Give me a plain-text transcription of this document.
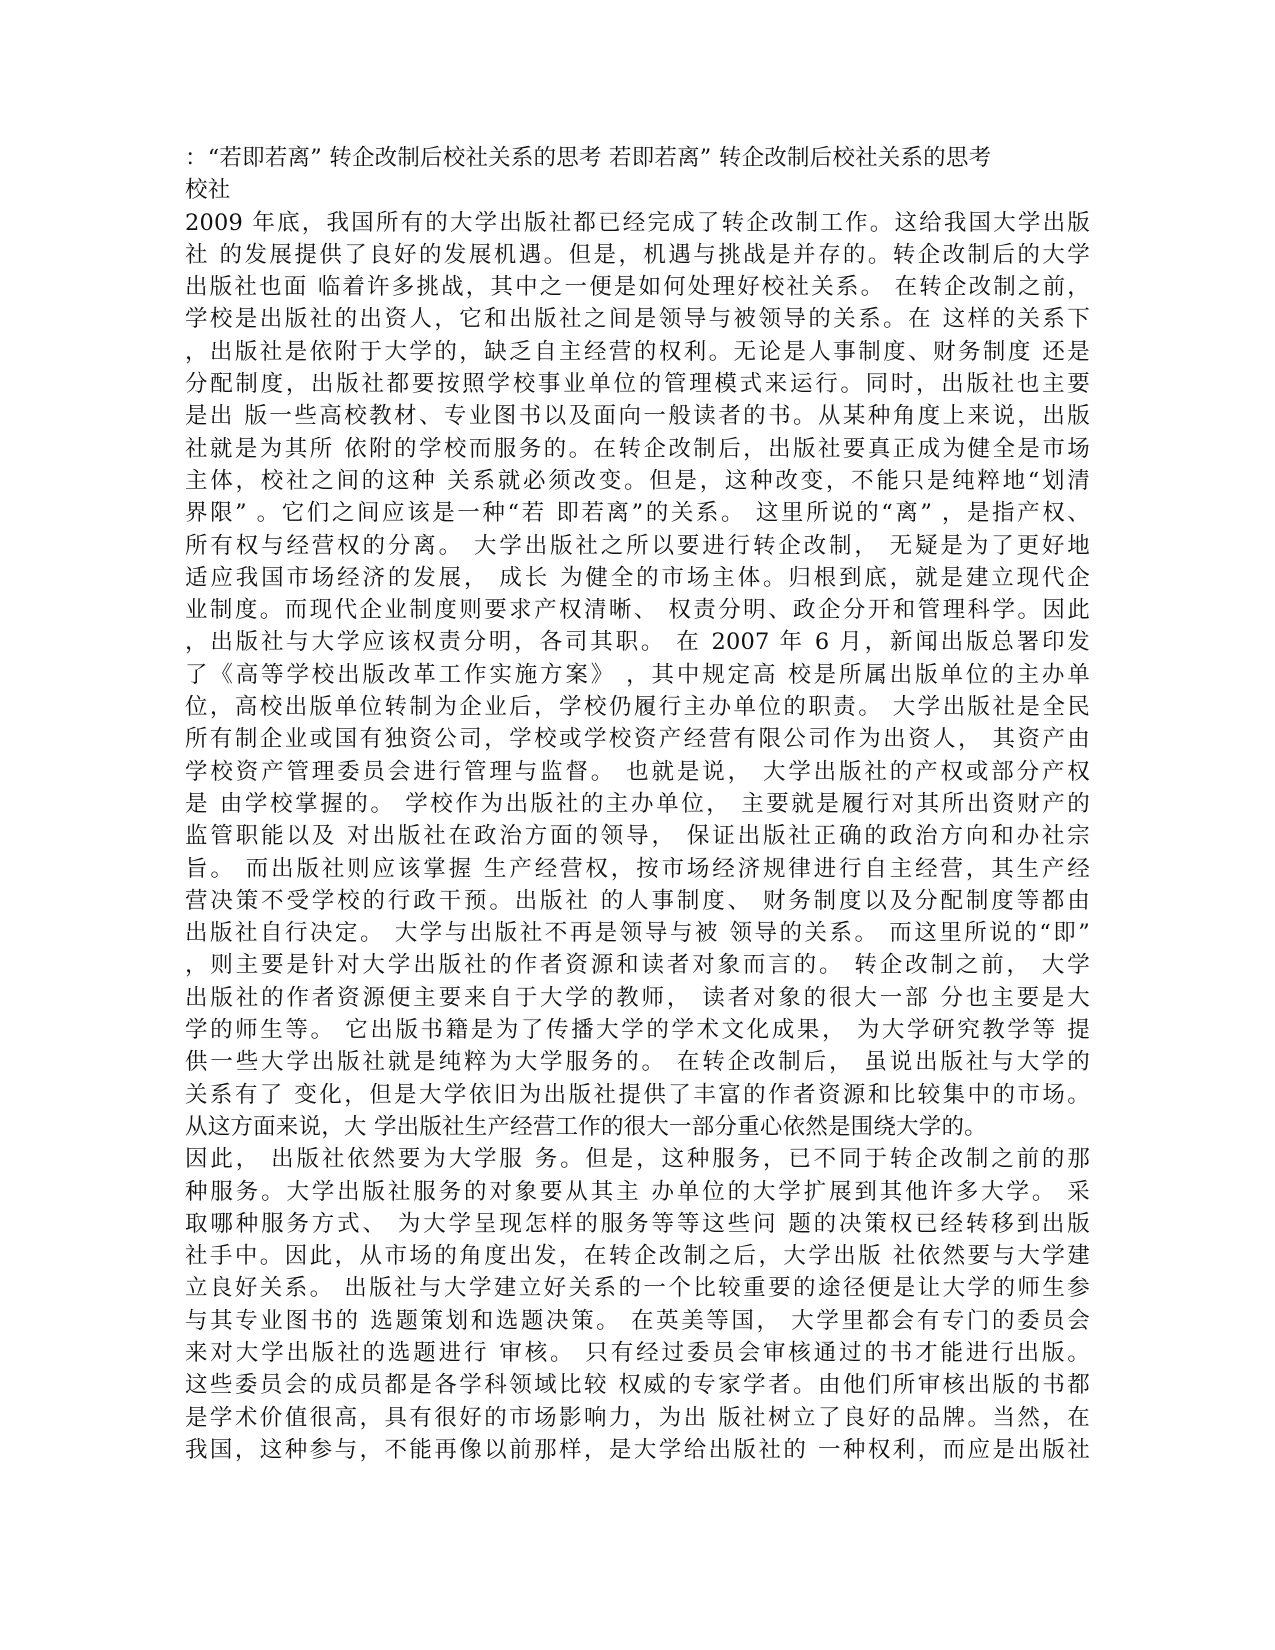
：“若即若离” 转企改制后校社关系的思考 若即若离” 转企改制后校社关系的思考
校社
2009 年底，我国所有的大学出版社都已经完成了转企改制工作。这给我国大学出版
社 的发展提供了良好的发展机遇。但是，机遇与挑战是并存的。转企改制后的大学
出版社也面 临着许多挑战，其中之一便是如何处理好校社关系。 在转企改制之前，
学校是出版社的出资人，它和出版社之间是领导与被领导的关系。在 这样的关系下
，出版社是依附于大学的，缺乏自主经营的权利。无论是人事制度、财务制度 还是
分配制度，出版社都要按照学校事业单位的管理模式来运行。同时，出版社也主要
是出 版一些高校教材、专业图书以及面向一般读者的书。从某种角度上来说，出版
社就是为其所 依附的学校而服务的。在转企改制后，出版社要真正成为健全是市场
主体，校社之间的这种 关系就必须改变。但是，这种改变，不能只是纯粹地“划清
界限” 。它们之间应该是一种“若 即若离”的关系。 这里所说的“离” ，是指产权、
所有权与经营权的分离。 大学出版社之所以要进行转企改制， 无疑是为了更好地
适应我国市场经济的发展， 成长 为健全的市场主体。归根到底，就是建立现代企
业制度。而现代企业制度则要求产权清晰、 权责分明、政企分开和管理科学。因此
，出版社与大学应该权责分明，各司其职。 在 2007 年 6 月，新闻出版总署印发
了《高等学校出版改革工作实施方案》 ，其中规定高 校是所属出版单位的主办单
位，高校出版单位转制为企业后，学校仍履行主办单位的职责。 大学出版社是全民
所有制企业或国有独资公司，学校或学校资产经营有限公司作为出资人， 其资产由
学校资产管理委员会进行管理与监督。 也就是说， 大学出版社的产权或部分产权
是 由学校掌握的。 学校作为出版社的主办单位， 主要就是履行对其所出资财产的
监管职能以及 对出版社在政治方面的领导， 保证出版社正确的政治方向和办社宗
旨。 而出版社则应该掌握 生产经营权，按市场经济规律进行自主经营，其生产经
营决策不受学校的行政干预。出版社 的人事制度、 财务制度以及分配制度等都由
出版社自行决定。 大学与出版社不再是领导与被 领导的关系。 而这里所说的“即”
，则主要是针对大学出版社的作者资源和读者对象而言的。 转企改制之前， 大学
出版社的作者资源便主要来自于大学的教师， 读者对象的很大一部 分也主要是大
学的师生等。 它出版书籍是为了传播大学的学术文化成果， 为大学研究教学等 提
供一些大学出版社就是纯粹为大学服务的。 在转企改制后， 虽说出版社与大学的
关系有了 变化，但是大学依旧为出版社提供了丰富的作者资源和比较集中的市场。
从这方面来说，大 学出版社生产经营工作的很大一部分重心依然是围绕大学的。
因此， 出版社依然要为大学服 务。但是，这种服务，已不同于转企改制之前的那
种服务。大学出版社服务的对象要从其主 办单位的大学扩展到其他许多大学。 采
取哪种服务方式、 为大学呈现怎样的服务等等这些问 题的决策权已经转移到出版
社手中。因此，从市场的角度出发，在转企改制之后，大学出版 社依然要与大学建
立良好关系。 出版社与大学建立好关系的一个比较重要的途径便是让大学的师生参
与其专业图书的 选题策划和选题决策。 在英美等国， 大学里都会有专门的委员会
来对大学出版社的选题进行 审核。 只有经过委员会审核通过的书才能进行出版。
这些委员会的成员都是各学科领域比较 权威的专家学者。由他们所审核出版的书都
是学术价值很高，具有很好的市场影响力，为出 版社树立了良好的品牌。当然，在
我国，这种参与，不能再像以前那样，是大学给出版社的 一种权利，而应是出版社
